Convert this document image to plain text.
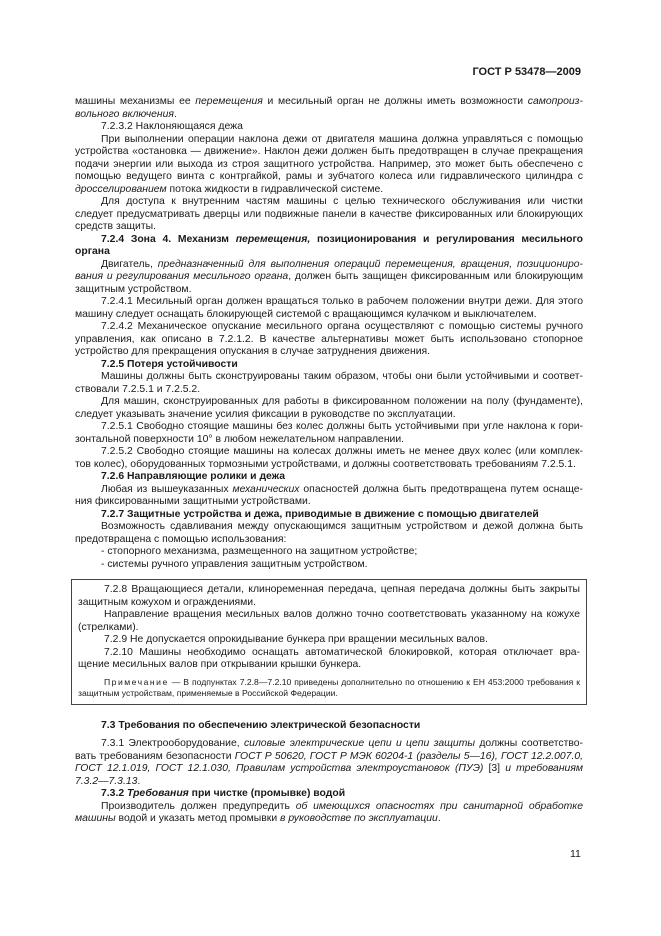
ГОСТ Р 53478—2009

машины механизмы ее перемещения и месильный орган не должны иметь возможности самопроиз-вольного включения.

7.2.3.2 Наклоняющаяся дежа

При выполнении операции наклона дежи от двигателя машина должна управляться с помощью устройства «остановка — движение». Наклон дежи должен быть предотвращен в случае прекращения подачи энергии или выхода из строя защитного устройства. Например, это может быть обеспечено с помощью ведущего винта с контргайкой, рамы и зубчатого колеса или гидравлического цилиндра с дросселированием потока жидкости в гидравлической системе.

Для доступа к внутренним частям машины с целью технического обслуживания или чистки следует предусматривать дверцы или подвижные панели в качестве фиксированных или блокирующих средств защиты.

7.2.4 Зона 4. Механизм перемещения, позиционирования и регулирования месильного органа

Двигатель, предназначенный для выполнения операций перемещения, вращения, позициониро-вания и регулирования месильного органа, должен быть защищен фиксированным или блокирующим защитным устройством.

7.2.4.1 Месильный орган должен вращаться только в рабочем положении внутри дежи. Для этого машину следует оснащать блокирующей системой с вращающимся кулачком и выключателем.

7.2.4.2 Механическое опускание месильного органа осуществляют с помощью системы ручного управления, как описано в 7.2.1.2. В качестве альтернативы может быть использовано стопорное устройство для прекращения опускания в случае затруднения движения.

7.2.5 Потеря устойчивости

Машины должны быть сконструированы таким образом, чтобы они были устойчивыми и соответ-ствовали 7.2.5.1 и 7.2.5.2.

Для машин, сконструированных для работы в фиксированном положении на полу (фундаменте), следует указывать значение усилия фиксации в руководстве по эксплуатации.

7.2.5.1 Свободно стоящие машины без колес должны быть устойчивыми при угле наклона к гори-зонтальной поверхности 10° в любом нежелательном направлении.

7.2.5.2 Свободно стоящие машины на колесах должны иметь не менее двух колес (или комплек-тов колес), оборудованных тормозными устройствами, и должны соответствовать требованиям 7.2.5.1.

7.2.6 Направляющие ролики и дежа

Любая из вышеуказанных механических опасностей должна быть предотвращена путем оснаще-ния фиксированными защитными устройствами.

7.2.7 Защитные устройства и дежа, приводимые в движение с помощью двигателей

Возможность сдавливания между опускающимся защитным устройством и дежой должна быть предотвращена с помощью использования:

- стопорного механизма, размещенного на защитном устройстве;

- системы ручного управления защитным устройством.

7.2.8 Вращающиеся детали, клиноременная передача, цепная передача должны быть закрыты защитным кожухом и ограждениями.

Направление вращения месильных валов должно точно соответствовать указанному на кожухе (стрелками).

7.2.9 Не допускается опрокидывание бункера при вращении месильных валов.

7.2.10 Машины необходимо оснащать автоматической блокировкой, которая отключает вра-щение месильных валов при открывании крышки бункера.

Примечание — В подпунктах 7.2.8—7.2.10 приведены дополнительно по отношению к ЕН 453:2000 требования к защитным устройствам, применяемые в Российской Федерации.

7.3 Требования по обеспечению электрической безопасности

7.3.1 Электрооборудование, силовые электрические цепи и цепи защиты должны соответство-вать требованиям безопасности ГОСТ Р 50620, ГОСТ Р МЭК 60204-1 (разделы 5—16), ГОСТ 12.2.007.0, ГОСТ 12.1.019, ГОСТ 12.1.030, Правилам устройства электроустановок (ПУЭ) [3] и требованиям 7.3.2—7.3.13.

7.3.2 Требования при чистке (промывке) водой

Производитель должен предупредить об имеющихся опасностях при санитарной обработке машины водой и указать метод промывки в руководстве по эксплуатации.

11
